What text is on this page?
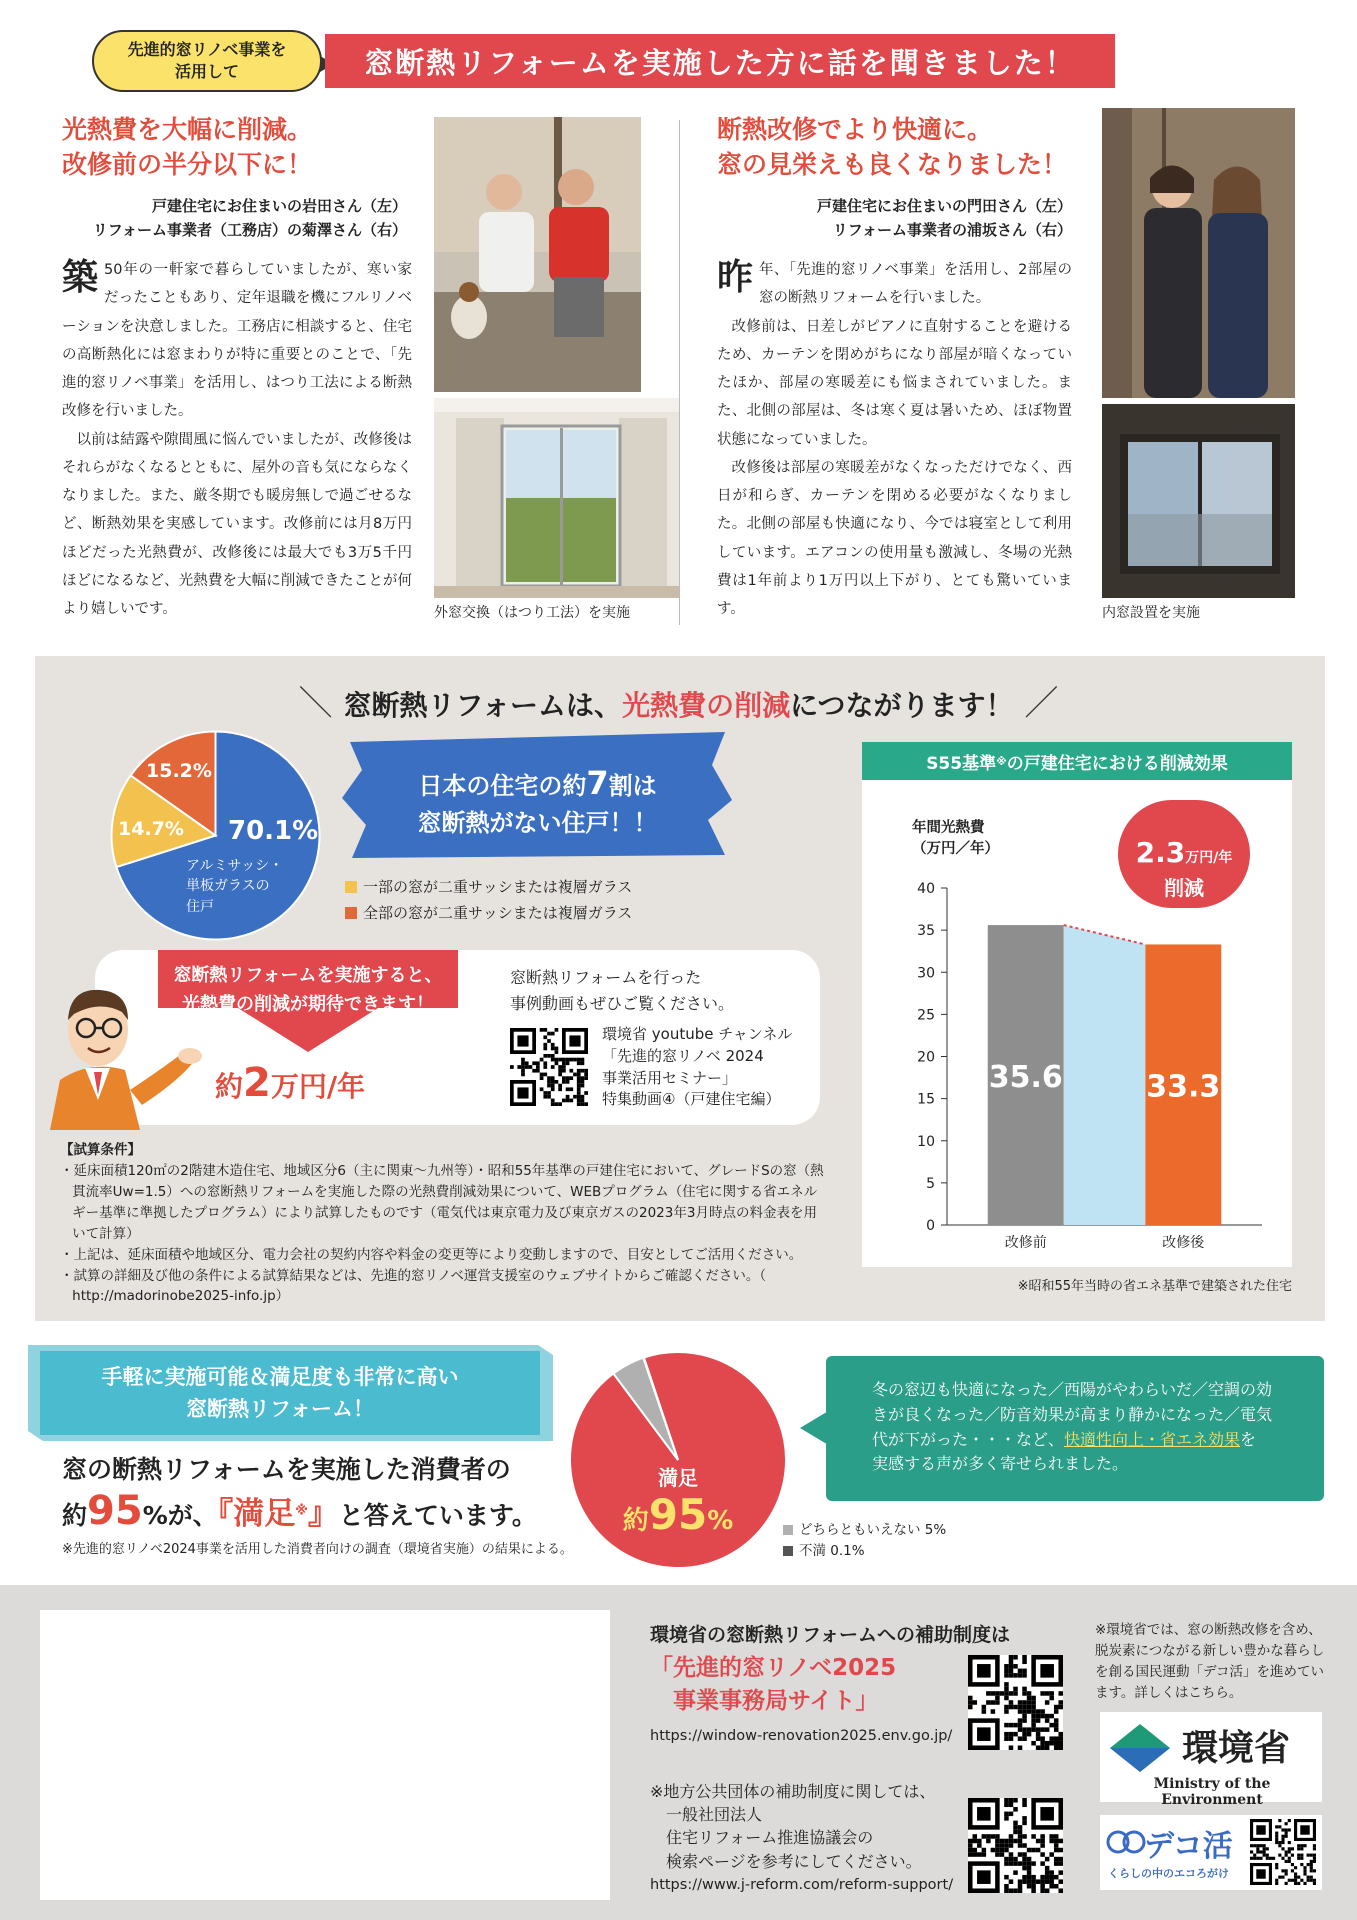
先進的窓リノベ事業を
活用して	窓断熱リフォームを実施した方に話を聞きました！
光熱費を大幅に削減。
改修前の半分以下に！
戸建住宅にお住まいの岩田さん（左）
リフォーム事業者（工務店）の菊澤さん（右）

築 50年の一軒家で暮らしていましたが、寒い家だったこともあり、定年退職を機にフルリノベーションを決意しました。工務店に相談すると、住宅の高断熱化には窓まわりが特に重要とのことで、「先進的窓リノベ事業」を活用し、はつり工法による断熱改修を行いました。

以前は結露や隙間風に悩んでいましたが、改修後はそれらがなくなるとともに、屋外の音も気にならなくなりました。また、厳冬期でも暖房無しで過ごせるなど、断熱効果を実感しています。改修前には月8万円ほどだった光熱費が、改修後には最大でも3万5千円ほどになるなど、光熱費を大幅に削減できたことが何より嬉しいです。	外窓交換（はつり工法）を実施
断熱改修でより快適に。
窓の見栄えも良くなりました！
戸建住宅にお住まいの門田さん（左）
リフォーム事業者の浦坂さん（右）

昨年、「先進的窓リノベ事業」を活用し、2部屋の窓の断熱リフォームを行いました。

改修前は、日差しがピアノに直射することを避けるため、カーテンを閉めがちになり部屋が暗くなっていたほか、部屋の寒暖差にも悩まされていました。また、北側の部屋は、冬は寒く夏は暑いため、ほぼ物置状態になっていました。

改修後は部屋の寒暖差がなくなっただけでなく、西日が和らぎ、カーテンを閉める必要がなくなりました。北側の部屋も快適になり、今では寝室として利用しています。エアコンの使用量も激減し、冬場の光熱費は1年前より1万円以上下がり、とても驚いています。	内窓設置を実施
＼ 窓断熱リフォームは、光熱費の削減につながります！ ／
70.1%
アルミサッシ・
単板ガラスの
住戸
14.7%
15.2%
日本の住宅の約7割は
窓断熱がない住戸！！
一部の窓が二重サッシまたは複層ガラス
全部の窓が二重サッシまたは複層ガラス
窓断熱リフォームを実施すると、
光熱費の削減が期待できます！
約2万円/年
窓断熱リフォームを行った
事例動画もぜひご覧ください。
環境省 youtube チャンネル
「先進的窓リノベ 2024
事業活用セミナー」
特集動画④（戸建住宅編）
【試算条件】
・延床面積120㎡の2階建木造住宅、地域区分6（主に関東～九州等）・昭和55年基準の戸建住宅において、グレードSの窓（熱貫流率Uw=1.5）への窓断熱リフォームを実施した際の光熱費削減効果について、WEBプログラム（住宅に関する省エネルギー基準に準拠したプログラム）により試算したものです（電気代は東京電力及び東京ガスの2023年3月時点の料金表を用いて計算）
・上記は、延床面積や地域区分、電力会社の契約内容や料金の変更等により変動しますので、目安としてご活用ください。
・試算の詳細及び他の条件による試算結果などは、先進的窓リノベ運営支援室のウェブサイトからご確認ください。（ http://madorinobe2025-info.jp）
S55基準 ※ の戸建住宅における削減効果
年間光熱費
（万円／年）
0
5
10
15
20
25
30
35
40
35.6
改修前
33.3
改修後
2.3万円/年
削減
※昭和55年当時の省エネ基準で建築された住宅
手軽に実施可能＆満足度も非常に高い
窓断熱リフォーム！
窓の断熱リフォームを実施した消費者の
約95%が、『満足※』と答えています。
※先進的窓リノベ2024事業を活用した消費者向けの調査（環境省実施）の結果による。
満足
約95%	どちらともいえない 5%
不満 0.1%
冬の窓辺も快適になった／西陽がやわらいだ／空調の効きが良くなった／防音効果が高まり静かになった／電気代が下がった・・・など、快適性向上・省エネ効果を実感する声が多く寄せられました。
環境省の窓断熱リフォームへの補助制度は
「先進的窓リノベ2025
　事業事務局サイト」
https://window-renovation2025.env.go.jp/
※地方公共団体の補助制度に関しては、
　一般社団法人
　住宅リフォーム推進協議会の
　検索ページを参考にしてください。
https://www.j-reform.com/reform-support/
※環境省では、窓の断熱改修を含め、脱炭素につながる新しい豊かな暮らしを創る国民運動「デコ活」を進めています。詳しくはこちら。
環境省
Ministry of the Environment
デコ活
くらしの中のエコろがけ
